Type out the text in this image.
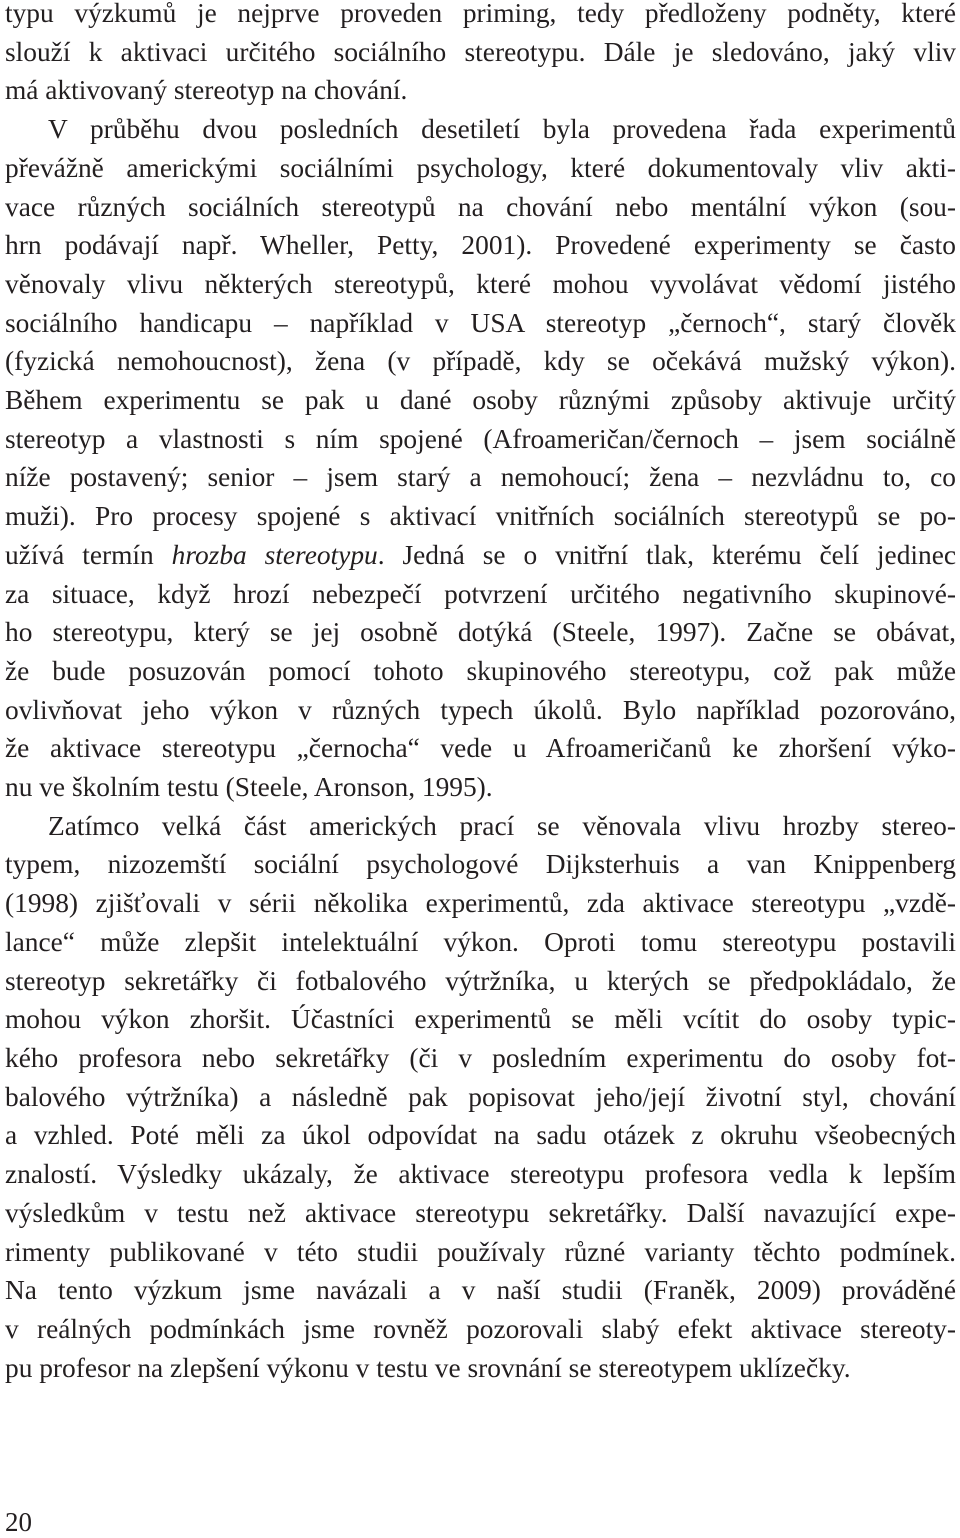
typu výzkumů je nejprve proveden priming, tedy předloženy podněty, které
slouží k aktivaci určitého sociálního stereotypu. Dále je sledováno, jaký vliv
má aktivovaný stereotyp na chování.
V průběhu dvou posledních desetiletí byla provedena řada experimentů
převážně americkými sociálními psychology, které dokumentovaly vliv akti-
vace různých sociálních stereotypů na chování nebo mentální výkon (sou-
hrn podávají např. Wheller, Petty, 2001). Provedené experimenty se často
věnovaly vlivu některých stereotypů, které mohou vyvolávat vědomí jistého
sociálního handicapu – například v USA stereotyp „černoch“, starý člověk
(fyzická nemohoucnost), žena (v případě, kdy se očekává mužský výkon).
Během experimentu se pak u dané osoby různými způsoby aktivuje určitý
stereotyp a vlastnosti s ním spojené (Afroameričan/černoch – jsem sociálně
níže postavený; senior – jsem starý a nemohoucí; žena – nezvládnu to, co
muži). Pro procesy spojené s aktivací vnitřních sociálních stereotypů se po-
užívá termín hrozba stereotypu. Jedná se o vnitřní tlak, kterému čelí jedinec
za situace, když hrozí nebezpečí potvrzení určitého negativního skupinové-
ho stereotypu, který se jej osobně dotýká (Steele, 1997). Začne se obávat,
že bude posuzován pomocí tohoto skupinového stereotypu, což pak může
ovlivňovat jeho výkon v různých typech úkolů. Bylo například pozorováno,
že aktivace stereotypu „černocha“ vede u Afroameričanů ke zhoršení výko-
nu ve školním testu (Steele, Aronson, 1995).
Zatímco velká část amerických prací se věnovala vlivu hrozby stereo-
typem, nizozemští sociální psychologové Dijksterhuis a van Knippenberg
(1998) zjišťovali v sérii několika experimentů, zda aktivace stereotypu „vzdě-
lance“ může zlepšit intelektuální výkon. Oproti tomu stereotypu postavili
stereotyp sekretářky či fotbalového výtržníka, u kterých se předpokládalo, že
mohou výkon zhoršit. Účastníci experimentů se měli vcítit do osoby typic-
kého profesora nebo sekretářky (či v posledním experimentu do osoby fot-
balového výtržníka) a následně pak popisovat jeho/její životní styl, chování
a vzhled. Poté měli za úkol odpovídat na sadu otázek z okruhu všeobecných
znalostí. Výsledky ukázaly, že aktivace stereotypu profesora vedla k lepším
výsledkům v testu než aktivace stereotypu sekretářky. Další navazující expe-
rimenty publikované v této studii používaly různé varianty těchto podmínek.
Na tento výzkum jsme navázali a v naší studii (Franěk, 2009) prováděné
v reálných podmínkách jsme rovněž pozorovali slabý efekt aktivace stereoty-
pu profesor na zlepšení výkonu v testu ve srovnání se stereotypem uklízečky.
20
